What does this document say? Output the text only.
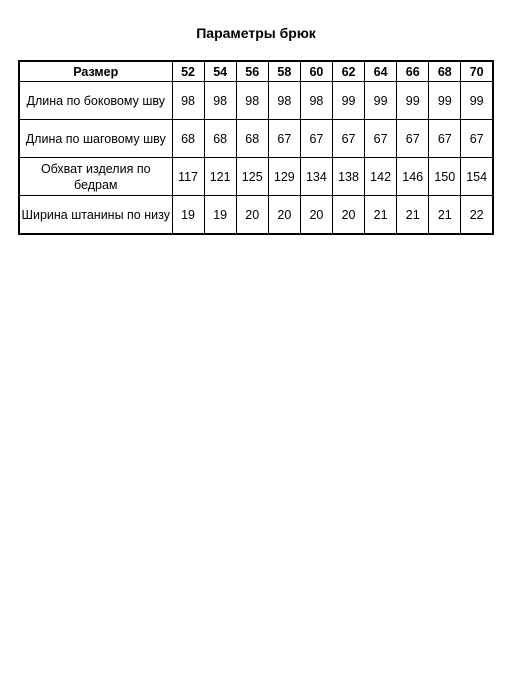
Параметры брюк
Размер	52	54	56	58	60	62	64	66	68	70
Длина по боковому шву	98	98	98	98	98	99	99	99	99	99
Длина по шаговому шву	68	68	68	67	67	67	67	67	67	67
Обхват изделия по бедрам	117	121	125	129	134	138	142	146	150	154
Ширина штанины по низу	19	19	20	20	20	20	21	21	21	22
